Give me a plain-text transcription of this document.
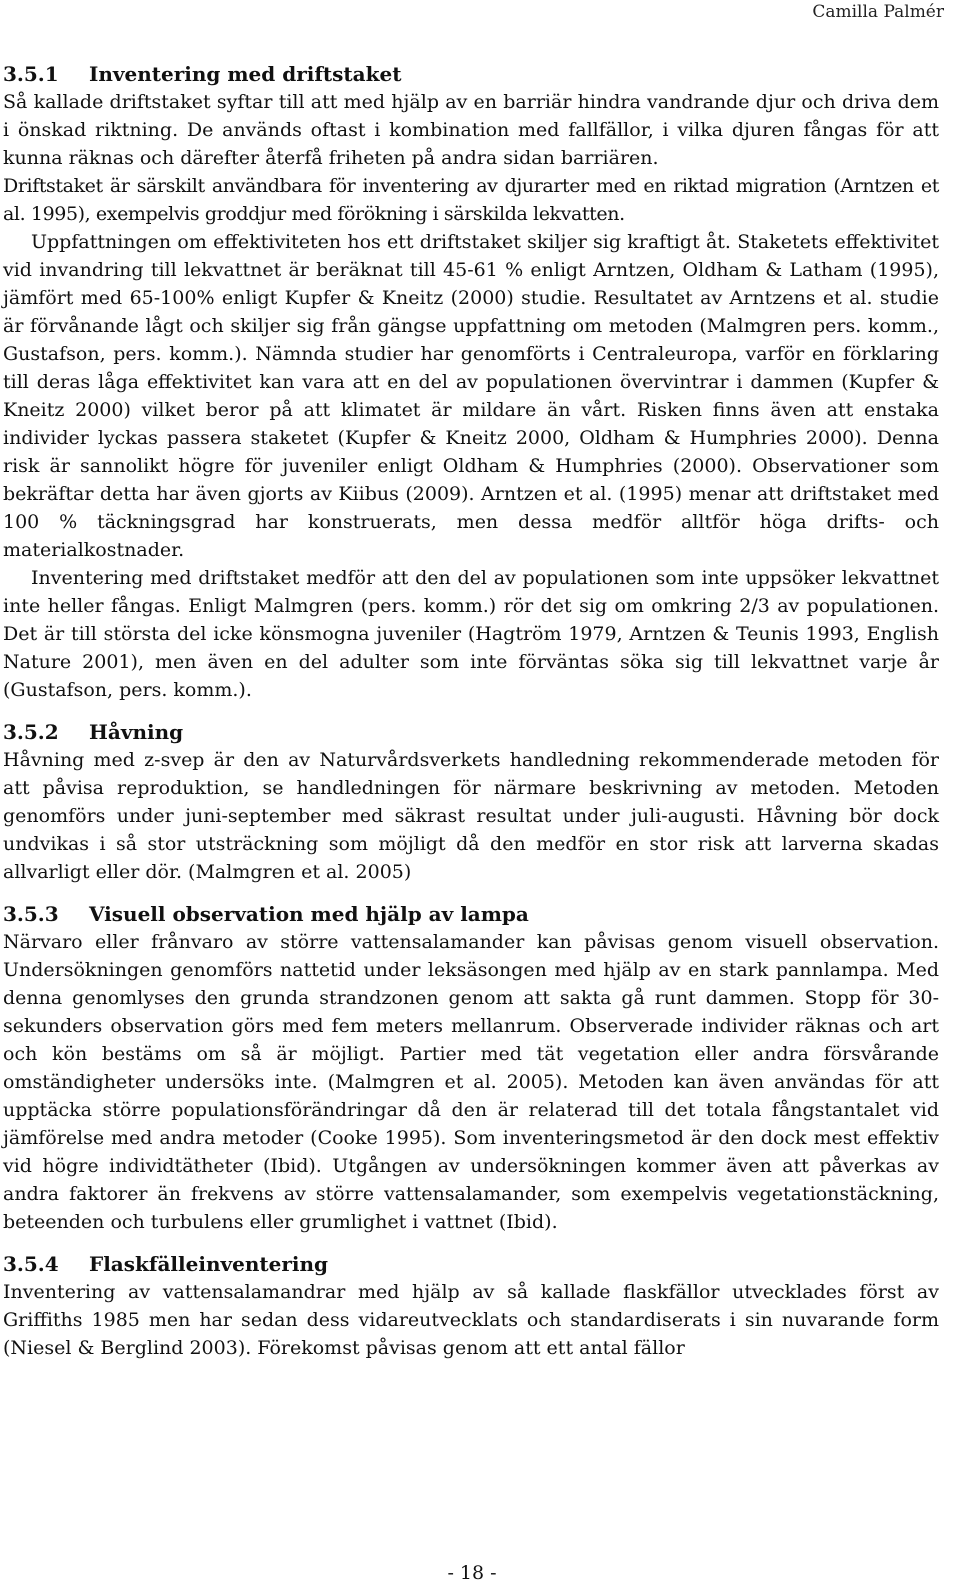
Camilla Palmér
3.5.1 Inventering med driftstaket

Så kallade driftstaket syftar till att med hjälp av en barriär hindra vandrande djur och driva dem i önskad riktning. De används oftast i kombination med fallfällor, i vilka djuren fångas för att kunna räknas och därefter återfå friheten på andra sidan barriären.

Driftstaket är särskilt användbara för inventering av djurarter med en riktad migration (Arntzen et al. 1995), exempelvis groddjur med förökning i särskilda lekvatten.

Uppfattningen om effektiviteten hos ett driftstaket skiljer sig kraftigt åt. Staketets effektivitet vid invandring till lekvattnet är beräknat till 45-61 % enligt Arntzen, Oldham & Latham (1995), jämfört med 65-100% enligt Kupfer & Kneitz (2000) studie. Resultatet av Arntzens et al. studie är förvånande lågt och skiljer sig från gängse uppfattning om metoden (Malmgren pers. komm., Gustafson, pers. komm.). Nämnda studier har genomförts i Centraleuropa, varför en förklaring till deras låga effektivitet kan vara att en del av populationen övervintrar i dammen (Kupfer & Kneitz 2000) vilket beror på att klimatet är mildare än vårt. Risken finns även att enstaka individer lyckas passera staketet (Kupfer & Kneitz 2000, Oldham & Humphries 2000). Denna risk är sannolikt högre för juveniler enligt Oldham & Humphries (2000). Observationer som bekräftar detta har även gjorts av Kiibus (2009). Arntzen et al. (1995) menar att driftstaket med 100 % täckningsgrad har konstruerats, men dessa medför alltför höga drifts- och materialkostnader.

Inventering med driftstaket medför att den del av populationen som inte uppsöker lekvattnet inte heller fångas. Enligt Malmgren (pers. komm.) rör det sig om omkring 2/3 av populationen. Det är till största del icke könsmogna juveniler (Hagtröm 1979, Arntzen & Teunis 1993, English Nature 2001), men även en del adulter som inte förväntas söka sig till lekvattnet varje år (Gustafson, pers. komm.).

3.5.2 Håvning

Håvning med z-svep är den av Naturvårdsverkets handledning rekommenderade metoden för att påvisa reproduktion, se handledningen för närmare beskrivning av metoden. Metoden genomförs under juni-september med säkrast resultat under juli-augusti. Håvning bör dock undvikas i så stor utsträckning som möjligt då den medför en stor risk att larverna skadas allvarligt eller dör. (Malmgren et al. 2005)

3.5.3 Visuell observation med hjälp av lampa

Närvaro eller frånvaro av större vattensalamander kan påvisas genom visuell observation. Undersökningen genomförs nattetid under leksäsongen med hjälp av en stark pannlampa. Med denna genomlyses den grunda strandzonen genom att sakta gå runt dammen. Stopp för 30-sekunders observation görs med fem meters mellanrum. Observerade individer räknas och art och kön bestäms om så är möjligt. Partier med tät vegetation eller andra försvårande omständigheter undersöks inte. (Malmgren et al. 2005). Metoden kan även användas för att upptäcka större populationsförändringar då den är relaterad till det totala fångstantalet vid jämförelse med andra metoder (Cooke 1995). Som inventeringsmetod är den dock mest effektiv vid högre individtätheter (Ibid). Utgången av undersökningen kommer även att påverkas av andra faktorer än frekvens av större vattensalamander, som exempelvis vegetationstäckning, beteenden och turbulens eller grumlighet i vattnet (Ibid).

3.5.4 Flaskfälleinventering

Inventering av vattensalamandrar med hjälp av så kallade flaskfällor utvecklades först av Griffiths 1985 men har sedan dess vidareutvecklats och standardiserats i sin nuvarande form (Niesel & Berglind 2003). Förekomst påvisas genom att ett antal fällor

- 18 -
